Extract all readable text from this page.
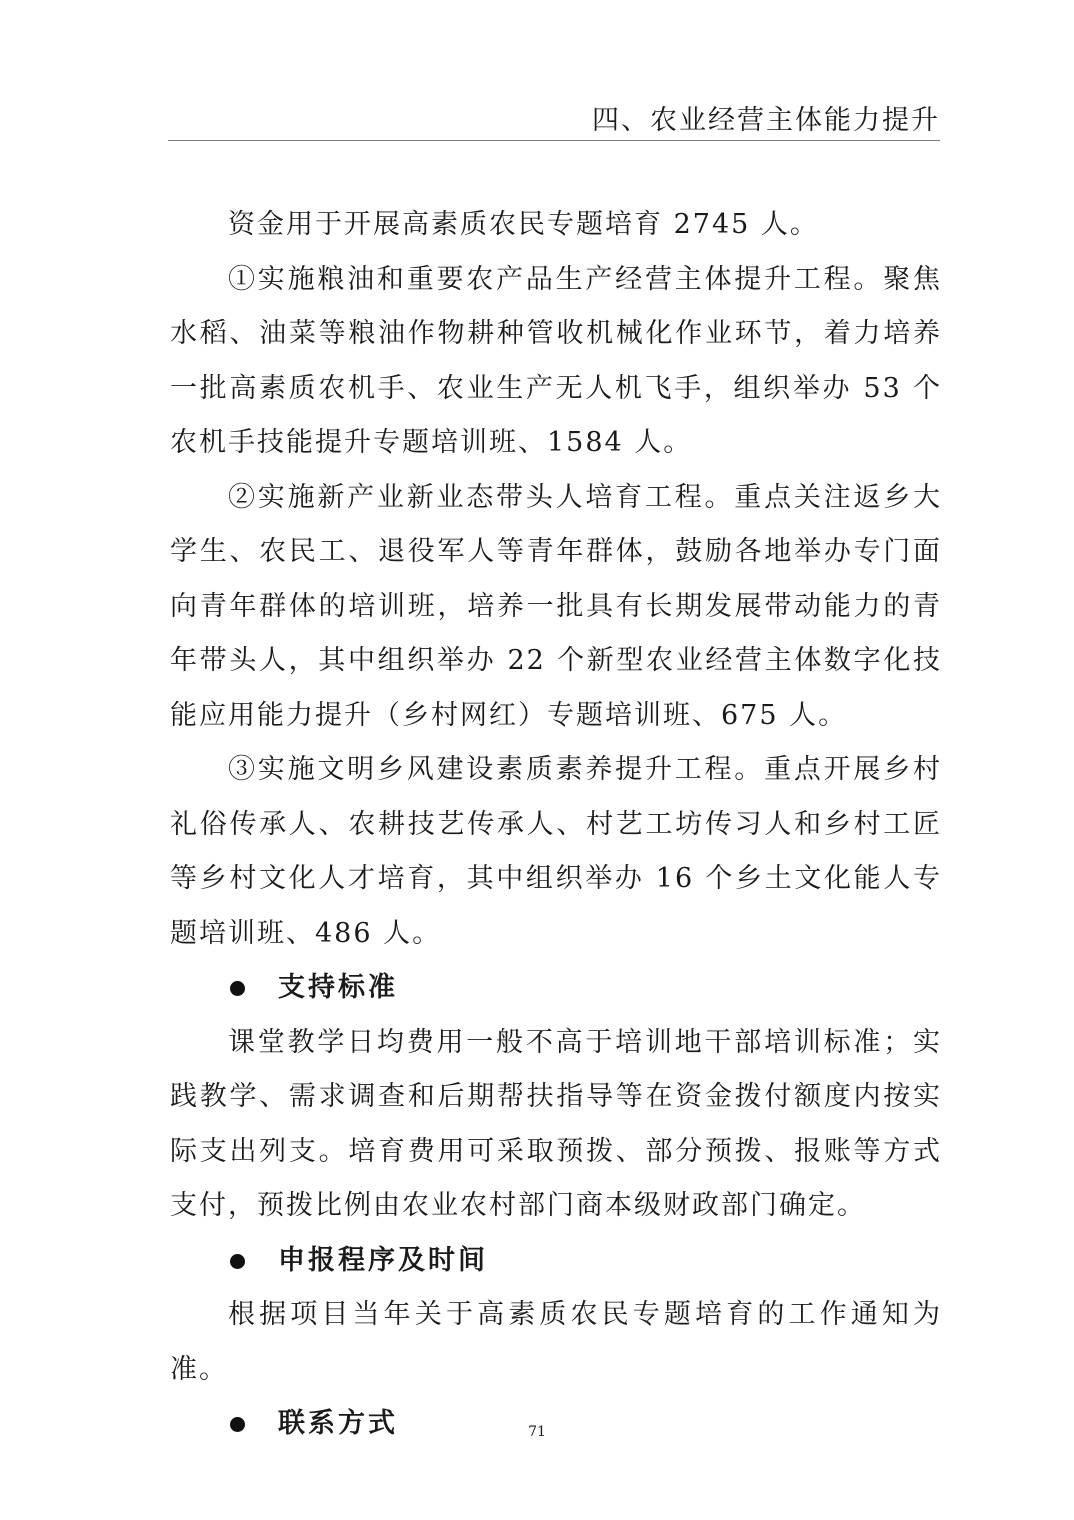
四、农业经营主体能力提升

资金用于开展高素质农民专题培育 2745 人。

①实施粮油和重要农产品生产经营主体提升工程。聚焦水稻、油菜等粮油作物耕种管收机械化作业环节，着力培养一批高素质农机手、农业生产无人机飞手，组织举办 53 个农机手技能提升专题培训班、1584 人。

②实施新产业新业态带头人培育工程。重点关注返乡大学生、农民工、退役军人等青年群体，鼓励各地举办专门面向青年群体的培训班，培养一批具有长期发展带动能力的青年带头人，其中组织举办 22 个新型农业经营主体数字化技能应用能力提升（乡村网红）专题培训班、675 人。

③实施文明乡风建设素质素养提升工程。重点开展乡村礼俗传承人、农耕技艺传承人、村艺工坊传习人和乡村工匠等乡村文化人才培育，其中组织举办 16 个乡土文化能人专题培训班、486 人。

支持标准

课堂教学日均费用一般不高于培训地干部培训标准；实践教学、需求调查和后期帮扶指导等在资金拨付额度内按实际支出列支。培育费用可采取预拨、部分预拨、报账等方式支付，预拨比例由农业农村部门商本级财政部门确定。

申报程序及时间

根据项目当年关于高素质农民专题培育的工作通知为准。

联系方式	71
